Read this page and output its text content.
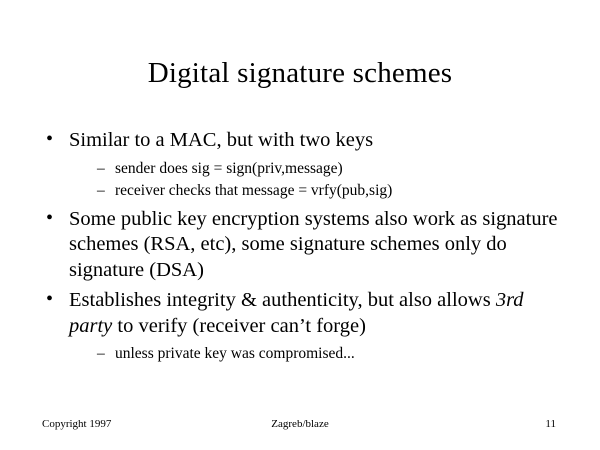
Digital signature schemes
• Similar to a MAC, but with two keys
– sender does sig = sign(priv,message)
– receiver checks that message = vrfy(pub,sig)
• Some public key encryption systems also work as signature schemes (RSA, etc), some signature schemes only do signature (DSA)
• Establishes integrity & authenticity, but also allows 3rd party to verify (receiver can’t forge)
– unless private key was compromised...
Copyright 1997	Zagreb/blaze	11
